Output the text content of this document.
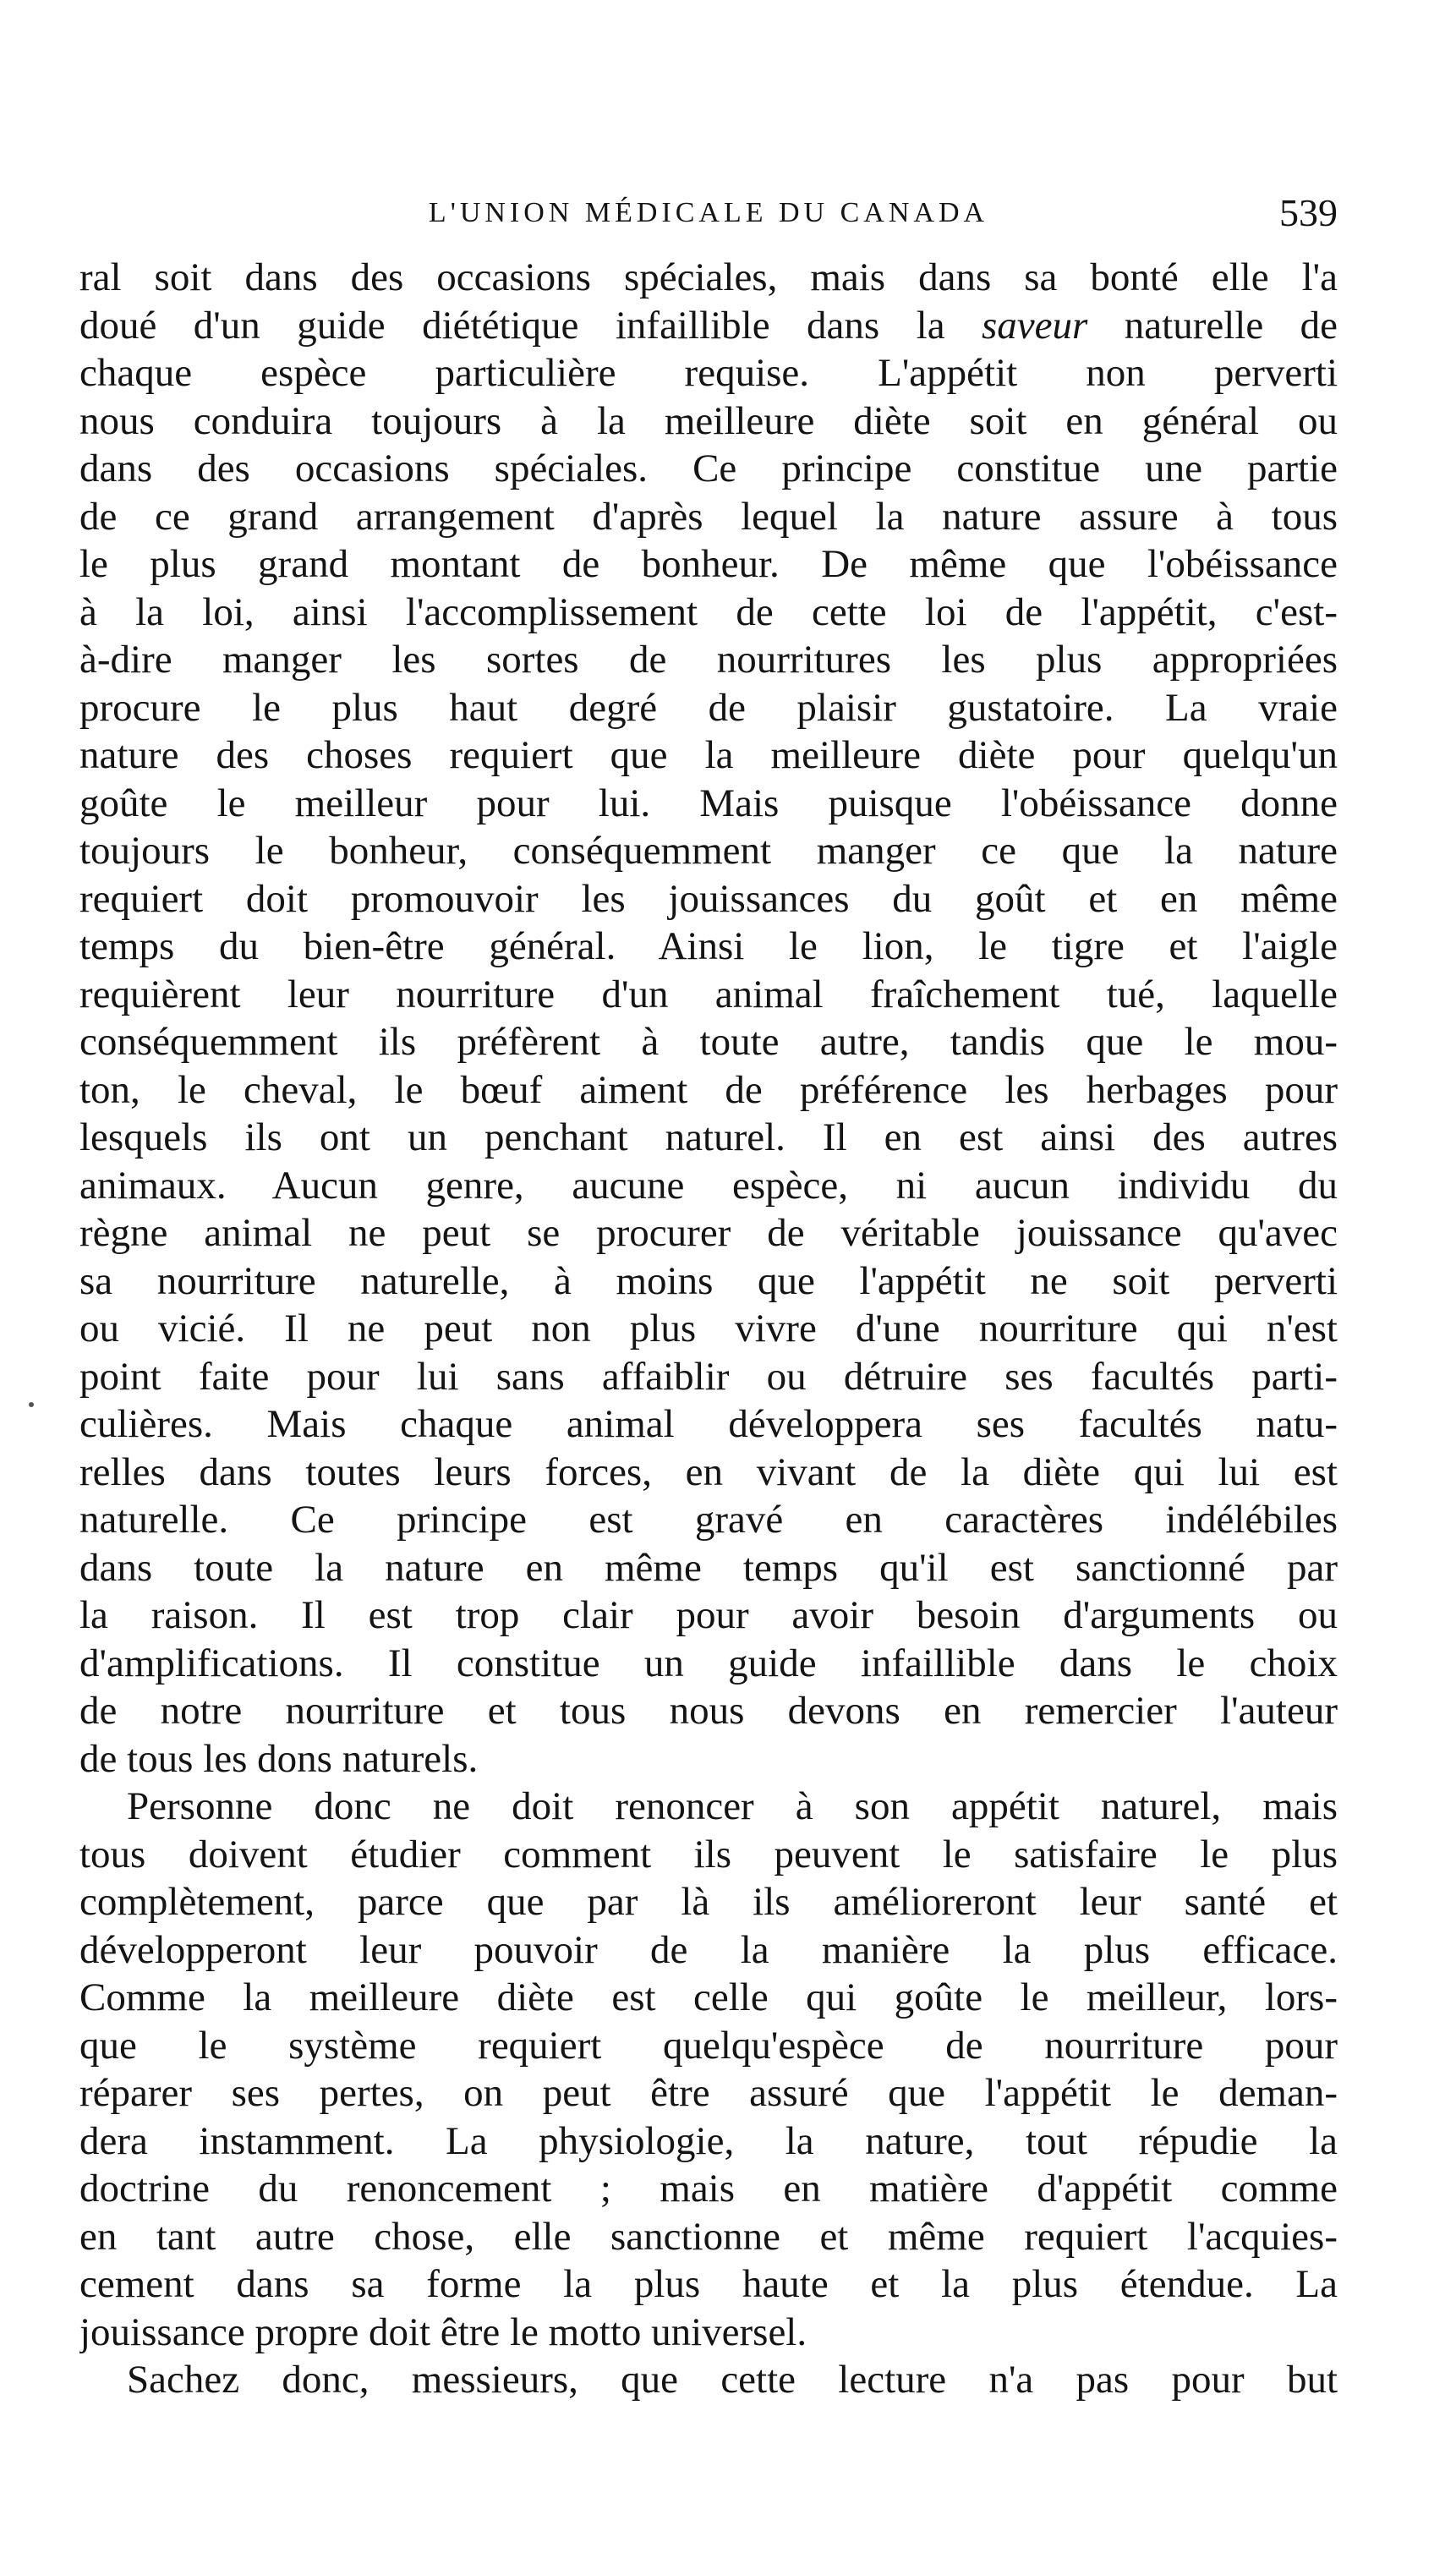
L'UNION MÉDICALE DU CANADA	539
ral soit dans des occasions spéciales, mais dans sa bonté elle l'a
doué d'un guide diététique infaillible dans la saveur naturelle de
chaque espèce particulière requise. L'appétit non perverti
nous conduira toujours à la meilleure diète soit en général ou
dans des occasions spéciales. Ce principe constitue une partie
de ce grand arrangement d'après lequel la nature assure à tous
le plus grand montant de bonheur. De même que l'obéissance
à la loi, ainsi l'accomplissement de cette loi de l'appétit, c'est-
à-dire manger les sortes de nourritures les plus appropriées
procure le plus haut degré de plaisir gustatoire. La vraie
nature des choses requiert que la meilleure diète pour quelqu'un
goûte le meilleur pour lui. Mais puisque l'obéissance donne
toujours le bonheur, conséquemment manger ce que la nature
requiert doit promouvoir les jouissances du goût et en même
temps du bien-être général. Ainsi le lion, le tigre et l'aigle
requièrent leur nourriture d'un animal fraîchement tué, laquelle
conséquemment ils préfèrent à toute autre, tandis que le mou-
ton, le cheval, le bœuf aiment de préférence les herbages pour
lesquels ils ont un penchant naturel. Il en est ainsi des autres
animaux. Aucun genre, aucune espèce, ni aucun individu du
règne animal ne peut se procurer de véritable jouissance qu'avec
sa nourriture naturelle, à moins que l'appétit ne soit perverti
ou vicié. Il ne peut non plus vivre d'une nourriture qui n'est
point faite pour lui sans affaiblir ou détruire ses facultés parti-
culières. Mais chaque animal développera ses facultés natu-
relles dans toutes leurs forces, en vivant de la diète qui lui est
naturelle. Ce principe est gravé en caractères indélébiles
dans toute la nature en même temps qu'il est sanctionné par
la raison. Il est trop clair pour avoir besoin d'arguments ou
d'amplifications. Il constitue un guide infaillible dans le choix
de notre nourriture et tous nous devons en remercier l'auteur
de tous les dons naturels.
Personne donc ne doit renoncer à son appétit naturel, mais
tous doivent étudier comment ils peuvent le satisfaire le plus
complètement, parce que par là ils amélioreront leur santé et
développeront leur pouvoir de la manière la plus efficace.
Comme la meilleure diète est celle qui goûte le meilleur, lors-
que le système requiert quelqu'espèce de nourriture pour
réparer ses pertes, on peut être assuré que l'appétit le deman-
dera instamment. La physiologie, la nature, tout répudie la
doctrine du renoncement ; mais en matière d'appétit comme
en tant autre chose, elle sanctionne et même requiert l'acquies-
cement dans sa forme la plus haute et la plus étendue. La
jouissance propre doit être le motto universel.
Sachez donc, messieurs, que cette lecture n'a pas pour but
